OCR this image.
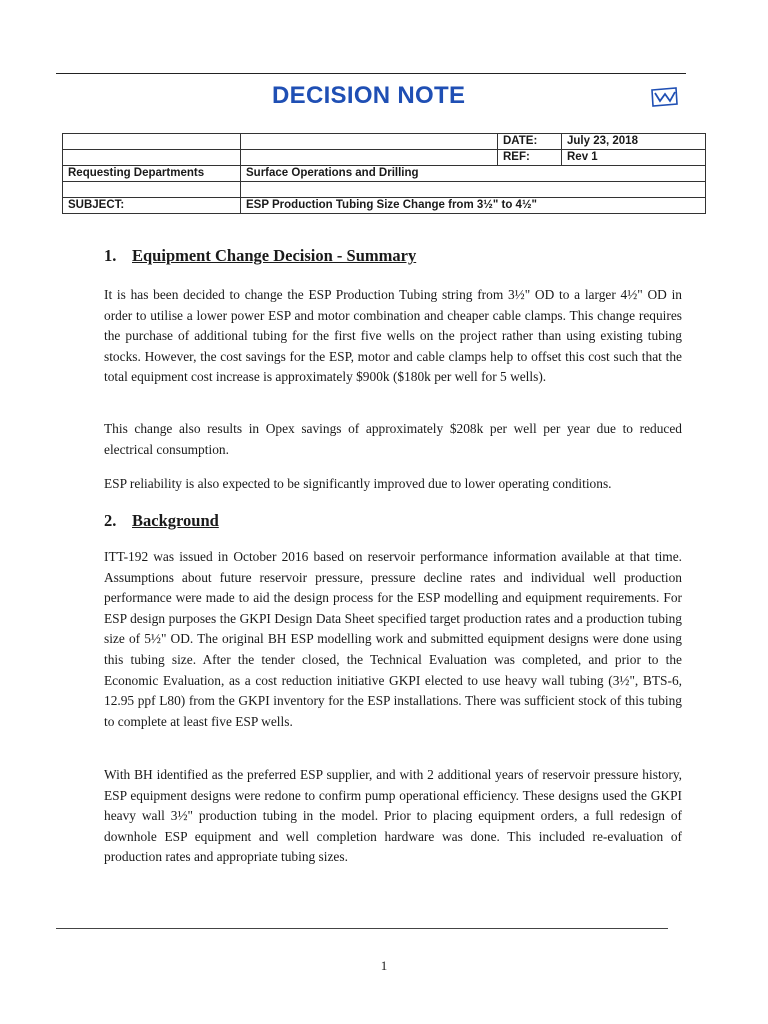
DECISION NOTE
		DATE:	July 23, 2018
		REF:	Rev 1
Requesting Departments	Surface Operations and Drilling		

SUBJECT:	ESP Production Tubing Size Change from 3½" to 4½"		
1. Equipment Change Decision - Summary

It is has been decided to change the ESP Production Tubing string from 3½" OD to a larger 4½" OD in order to utilise a lower power ESP and motor combination and cheaper cable clamps. This change requires the purchase of additional tubing for the first five wells on the project rather than using existing tubing stocks. However, the cost savings for the ESP, motor and cable clamps help to offset this cost such that the total equipment cost increase is approximately $900k ($180k per well for 5 wells).

This change also results in Opex savings of approximately $208k per well per year due to reduced electrical consumption.

ESP reliability is also expected to be significantly improved due to lower operating conditions.

2. Background

ITT-192 was issued in October 2016 based on reservoir performance information available at that time. Assumptions about future reservoir pressure, pressure decline rates and individual well production performance were made to aid the design process for the ESP modelling and equipment requirements. For ESP design purposes the GKPI Design Data Sheet specified target production rates and a production tubing size of 5½" OD. The original BH ESP modelling work and submitted equipment designs were done using this tubing size. After the tender closed, the Technical Evaluation was completed, and prior to the Economic Evaluation, as a cost reduction initiative GKPI elected to use heavy wall tubing (3½", BTS-6, 12.95 ppf L80) from the GKPI inventory for the ESP installations. There was sufficient stock of this tubing to complete at least five ESP wells.

With BH identified as the preferred ESP supplier, and with 2 additional years of reservoir pressure history, ESP equipment designs were redone to confirm pump operational efficiency. These designs used the GKPI heavy wall 3½" production tubing in the model. Prior to placing equipment orders, a full redesign of downhole ESP equipment and well completion hardware was done. This included re-evaluation of production rates and appropriate tubing sizes.

1
